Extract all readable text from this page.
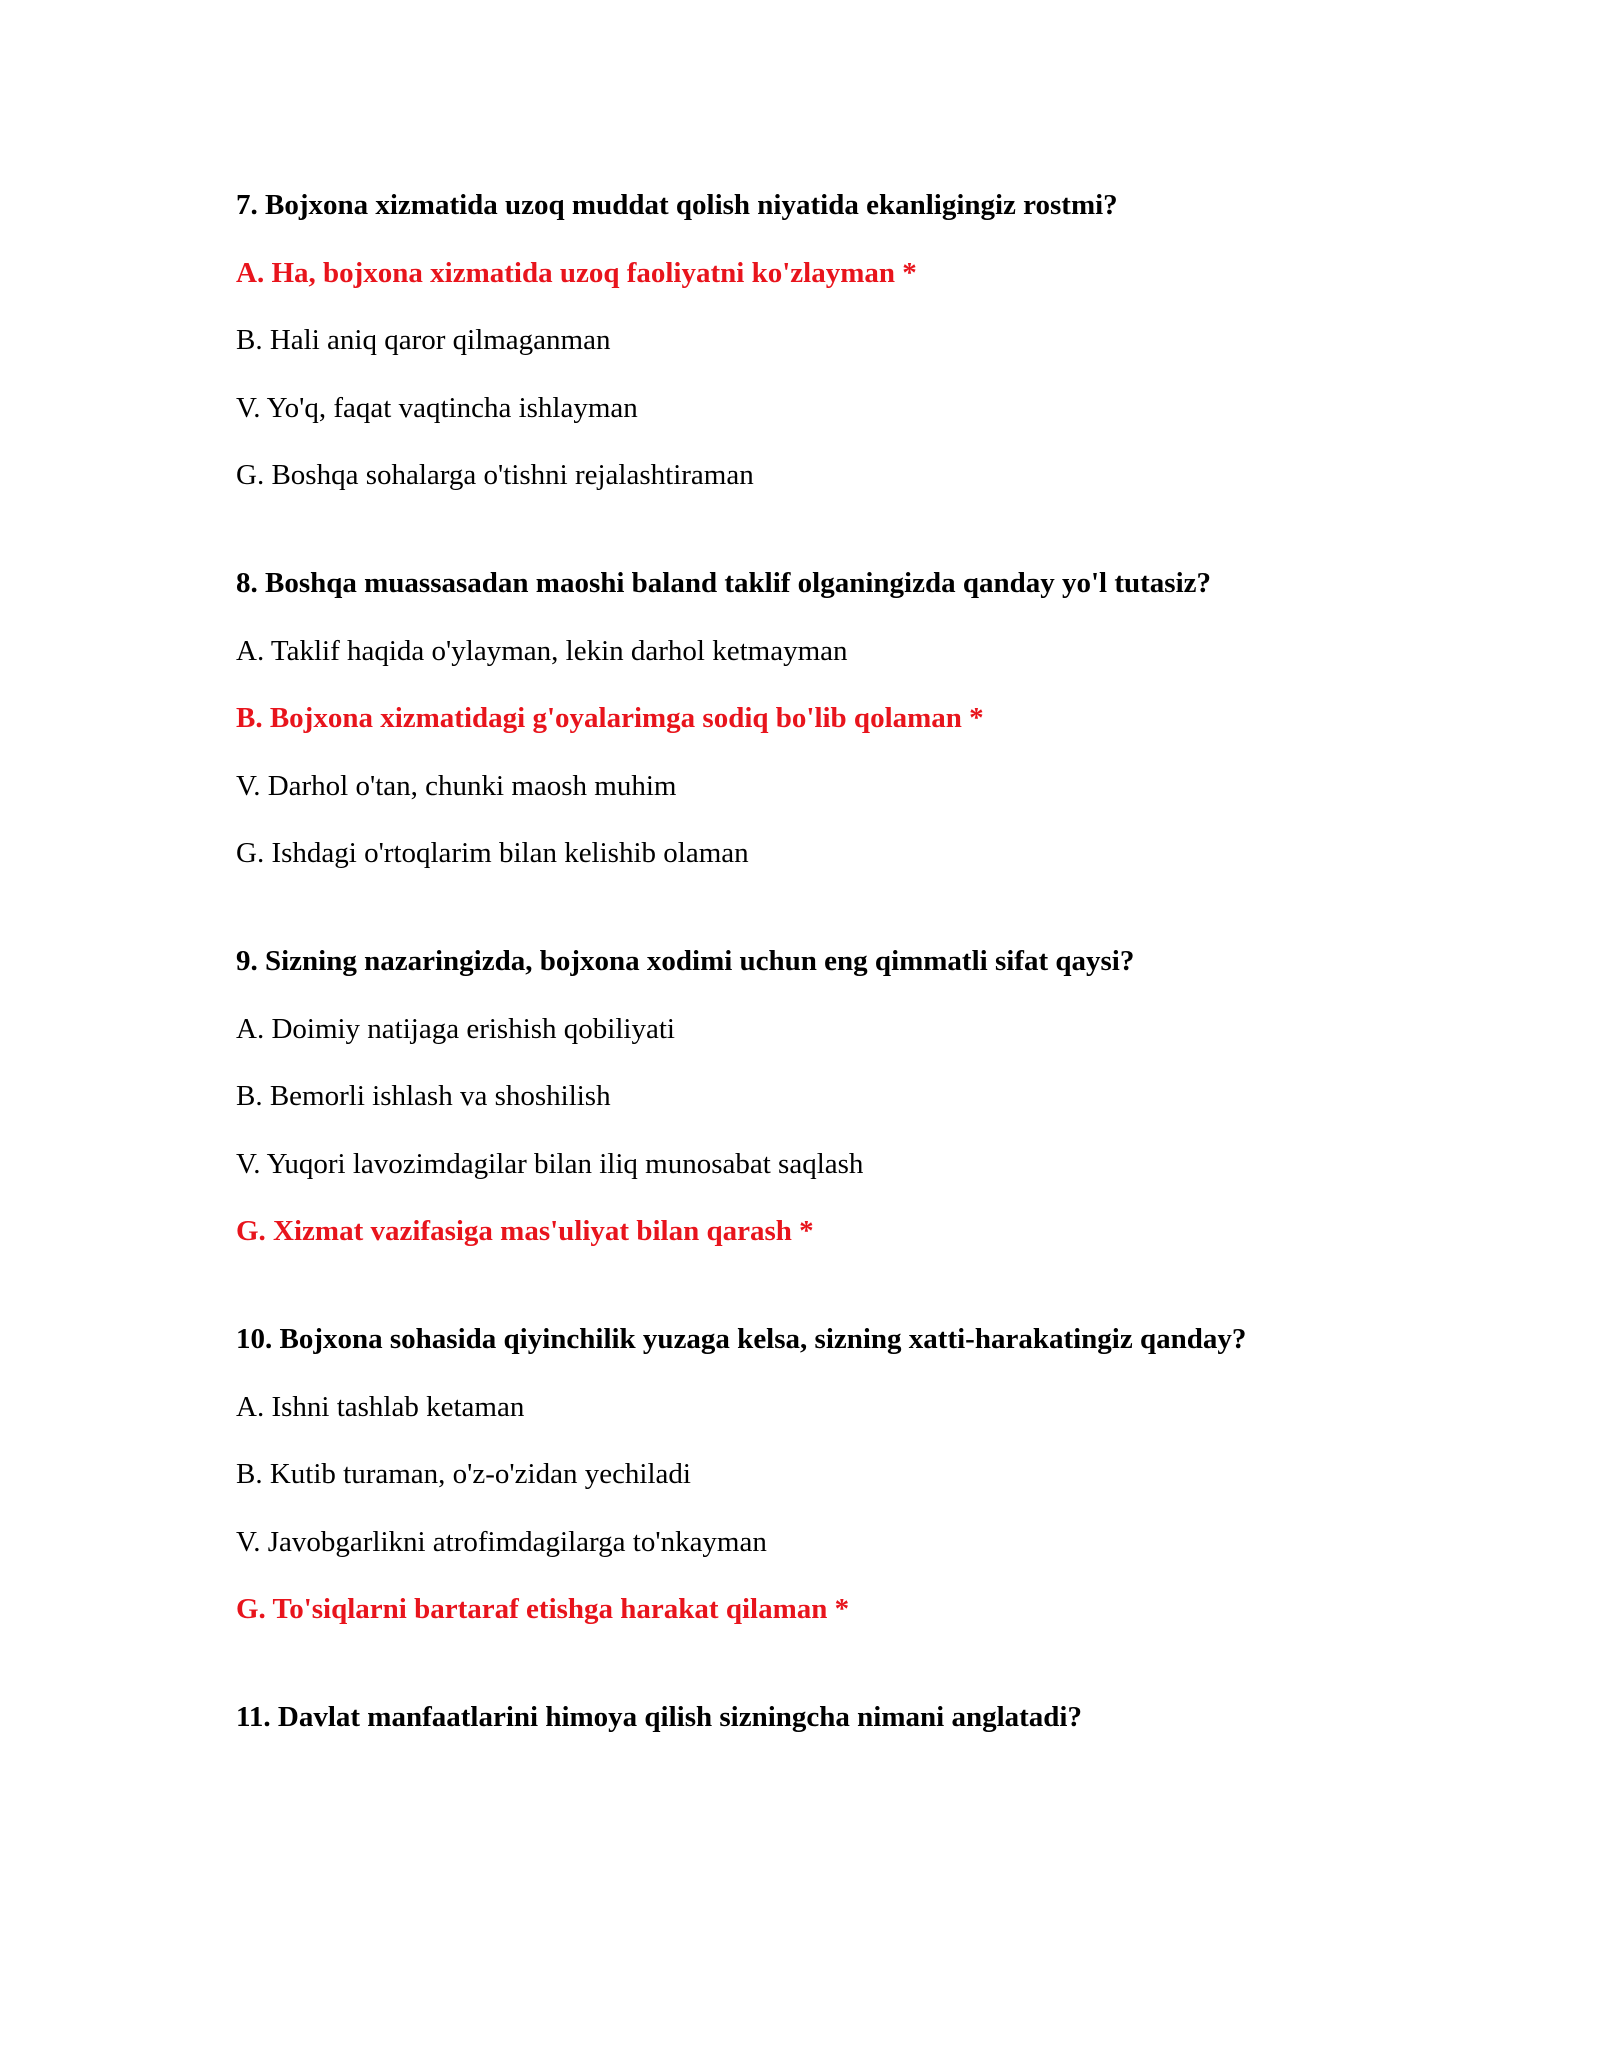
7. Bojxona xizmatida uzoq muddat qolish niyatida ekanligingiz rostmi?
A. Ha, bojxona xizmatida uzoq faoliyatni ko'zlayman *
B. Hali aniq qaror qilmaganman
V. Yo'q, faqat vaqtincha ishlayman
G. Boshqa sohalarga o'tishni rejalashtiraman
8. Boshqa muassasadan maoshi baland taklif olganingizda qanday yo'l tutasiz?
A. Taklif haqida o'ylayman, lekin darhol ketmayman
B. Bojxona xizmatidagi g'oyalarimga sodiq bo'lib qolaman *
V. Darhol o'tan, chunki maosh muhim
G. Ishdagi o'rtoqlarim bilan kelishib olaman
9. Sizning nazaringizda, bojxona xodimi uchun eng qimmatli sifat qaysi?
A. Doimiy natijaga erishish qobiliyati
B. Bemorli ishlash va shoshilish
V. Yuqori lavozimdagilar bilan iliq munosabat saqlash
G. Xizmat vazifasiga mas'uliyat bilan qarash *
10. Bojxona sohasida qiyinchilik yuzaga kelsa, sizning xatti-harakatingiz qanday?
A. Ishni tashlab ketaman
B. Kutib turaman, o'z-o'zidan yechiladi
V. Javobgarlikni atrofimdagilarga to'nkayman
G. To'siqlarni bartaraf etishga harakat qilaman *
11. Davlat manfaatlarini himoya qilish sizningcha nimani anglatadi?
